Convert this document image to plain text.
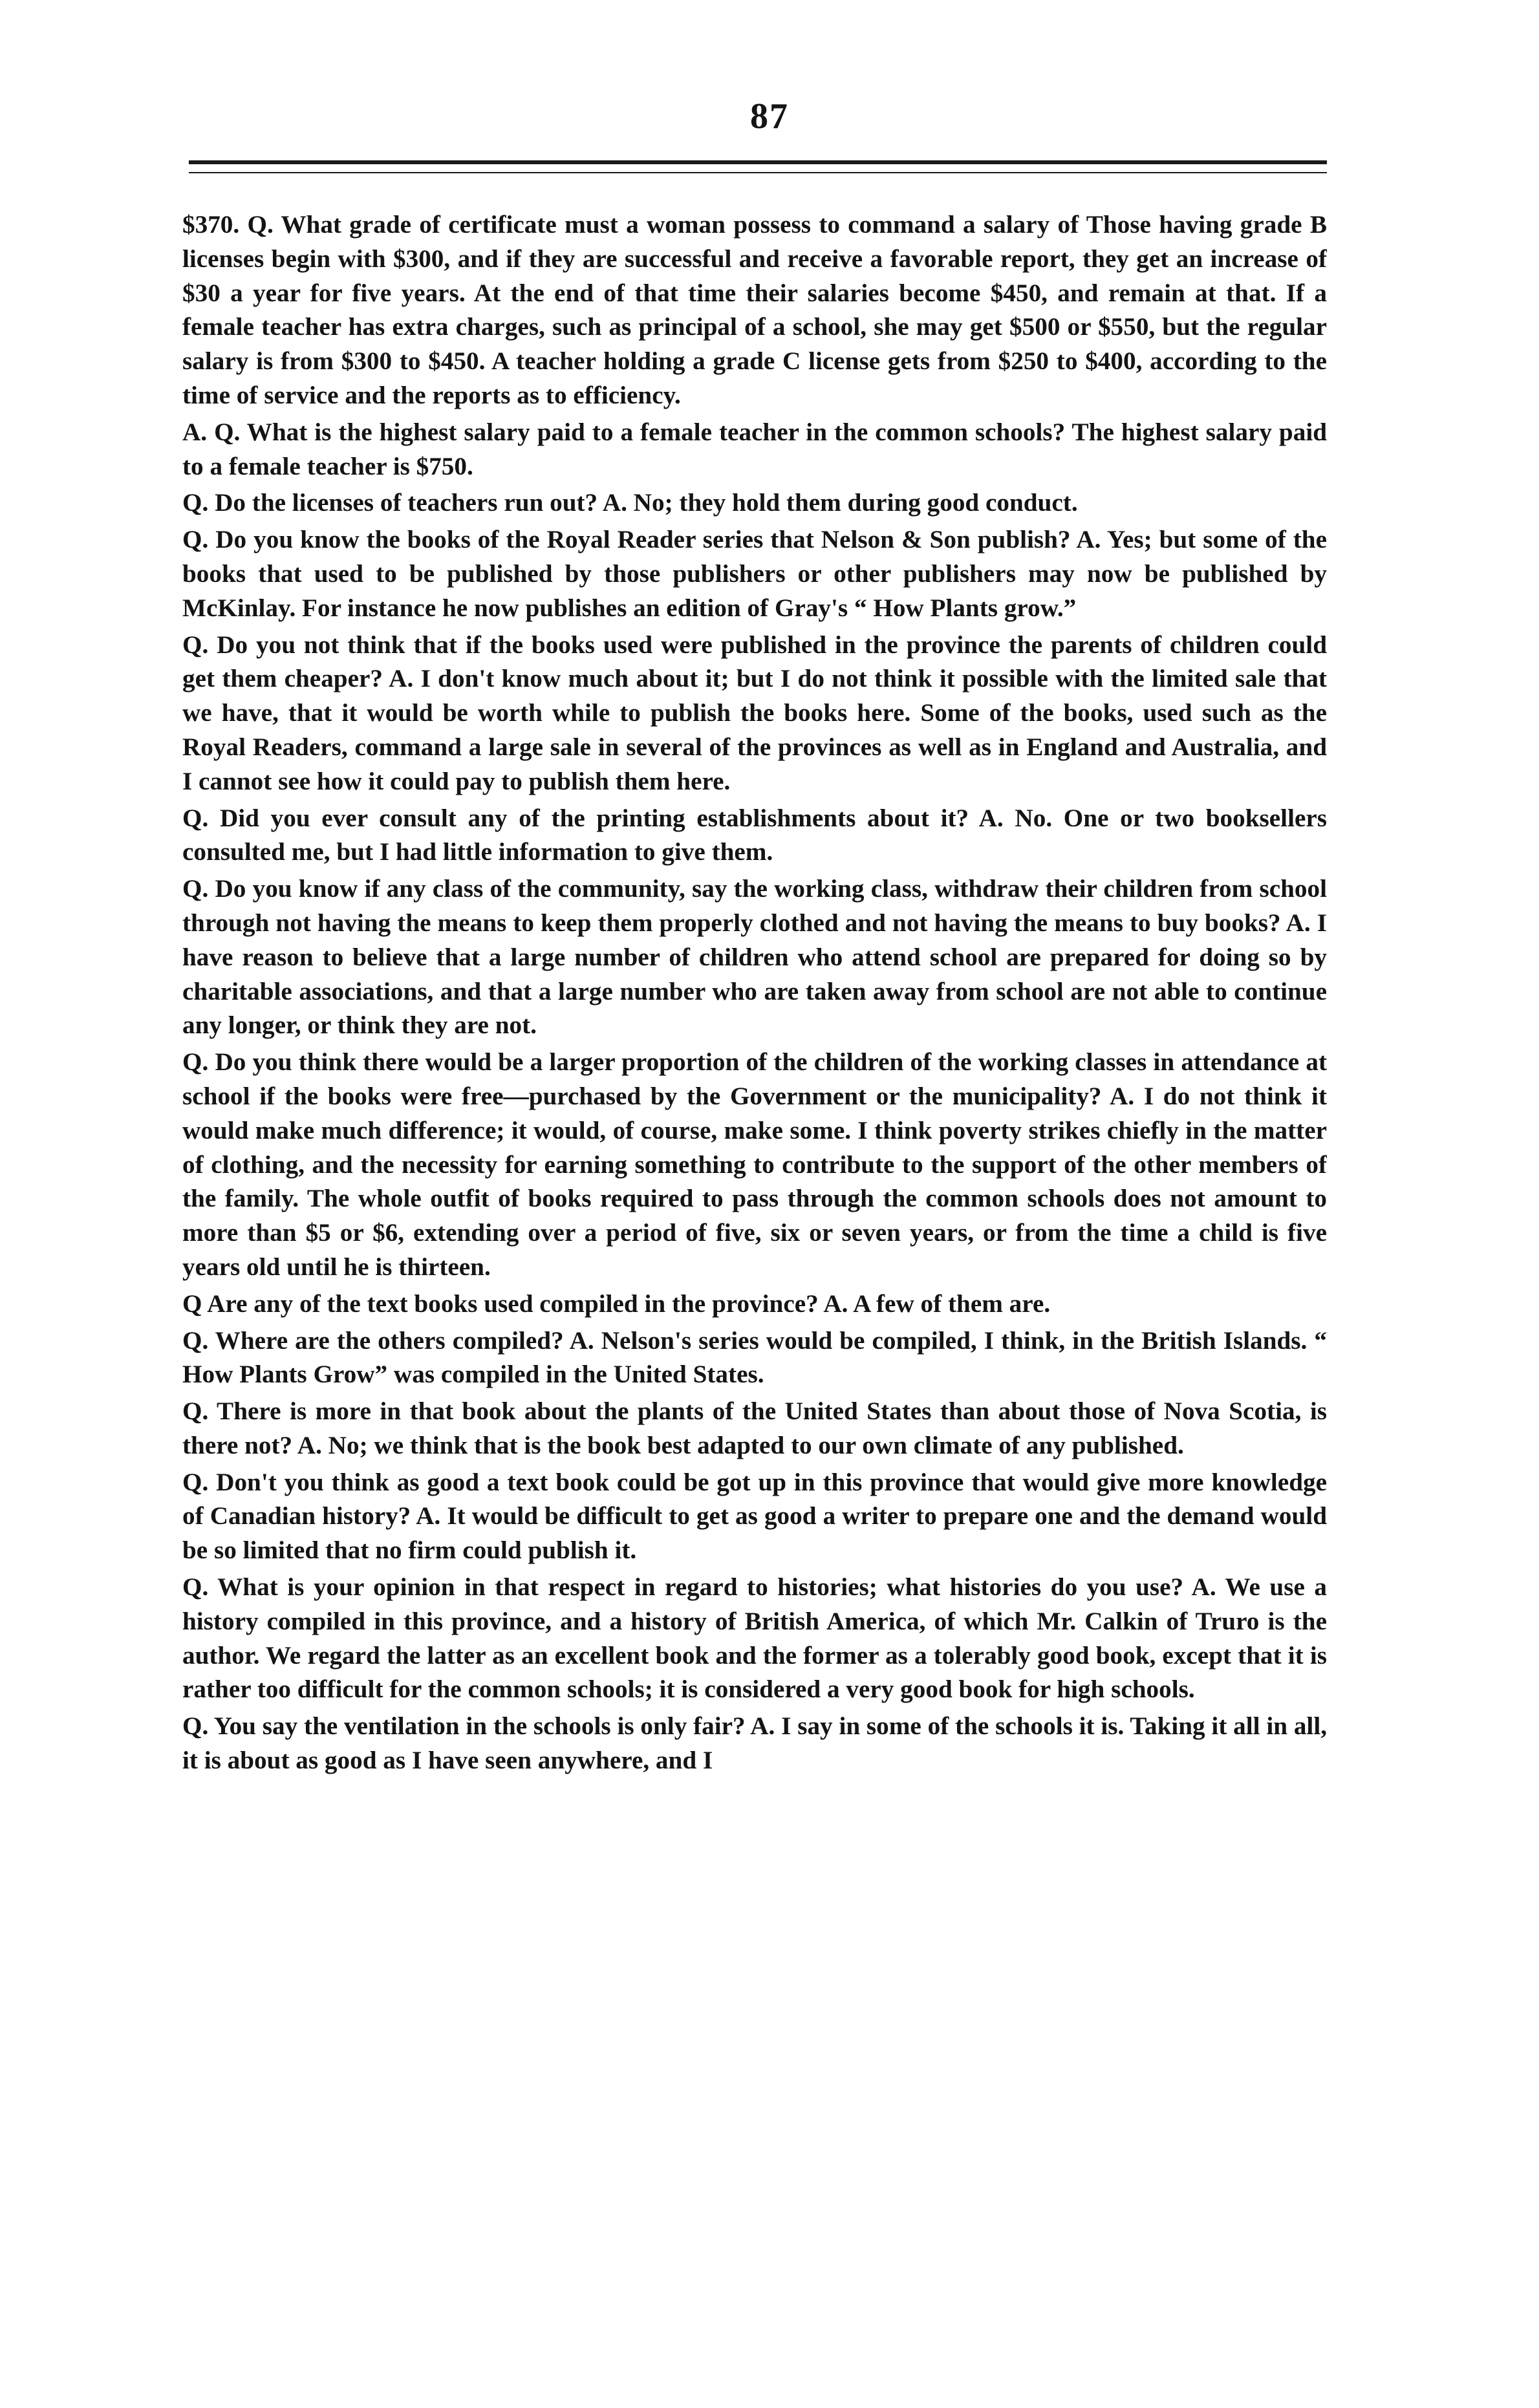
87

$370. Q. What grade of certificate must a woman possess to command a salary of Those having grade B licenses begin with $300, and if they are successful and receive a favorable report, they get an increase of $30 a year for five years. At the end of that time their salaries become $450, and remain at that. If a female teacher has extra charges, such as principal of a school, she may get $500 or $550, but the regular salary is from $300 to $450. A teacher holding a grade C license gets from $250 to $400, according to the time of service and the reports as to efficiency.

A. Q. What is the highest salary paid to a female teacher in the common schools? The highest salary paid to a female teacher is $750.

Q. Do the licenses of teachers run out? A. No; they hold them during good conduct.

Q. Do you know the books of the Royal Reader series that Nelson & Son publish? A. Yes; but some of the books that used to be published by those publishers or other publishers may now be published by McKinlay. For instance he now publishes an edition of Gray's “ How Plants grow.”

Q. Do you not think that if the books used were published in the province the parents of children could get them cheaper? A. I don't know much about it; but I do not think it possible with the limited sale that we have, that it would be worth while to publish the books here. Some of the books, used such as the Royal Readers, command a large sale in several of the provinces as well as in England and Australia, and I cannot see how it could pay to publish them here.

Q. Did you ever consult any of the printing establishments about it? A. No. One or two booksellers consulted me, but I had little information to give them.

Q. Do you know if any class of the community, say the working class, withdraw their children from school through not having the means to keep them properly clothed and not having the means to buy books? A. I have reason to believe that a large number of children who attend school are prepared for doing so by charitable associations, and that a large number who are taken away from school are not able to continue any longer, or think they are not.

Q. Do you think there would be a larger proportion of the children of the working classes in attendance at school if the books were free—purchased by the Government or the municipality? A. I do not think it would make much difference; it would, of course, make some. I think poverty strikes chiefly in the matter of clothing, and the necessity for earning something to contribute to the support of the other members of the family. The whole outfit of books required to pass through the common schools does not amount to more than $5 or $6, extending over a period of five, six or seven years, or from the time a child is five years old until he is thirteen.

Q Are any of the text books used compiled in the province? A. A few of them are.

Q. Where are the others compiled? A. Nelson's series would be compiled, I think, in the British Islands. “ How Plants Grow” was compiled in the United States.

Q. There is more in that book about the plants of the United States than about those of Nova Scotia, is there not? A. No; we think that is the book best adapted to our own climate of any published.

Q. Don't you think as good a text book could be got up in this province that would give more knowledge of Canadian history? A. It would be difficult to get as good a writer to prepare one and the demand would be so limited that no firm could publish it.

Q. What is your opinion in that respect in regard to histories; what histories do you use? A. We use a history compiled in this province, and a history of British America, of which Mr. Calkin of Truro is the author. We regard the latter as an excellent book and the former as a tolerably good book, except that it is rather too difficult for the common schools; it is considered a very good book for high schools.

Q. You say the ventilation in the schools is only fair? A. I say in some of the schools it is. Taking it all in all, it is about as good as I have seen anywhere, and I
